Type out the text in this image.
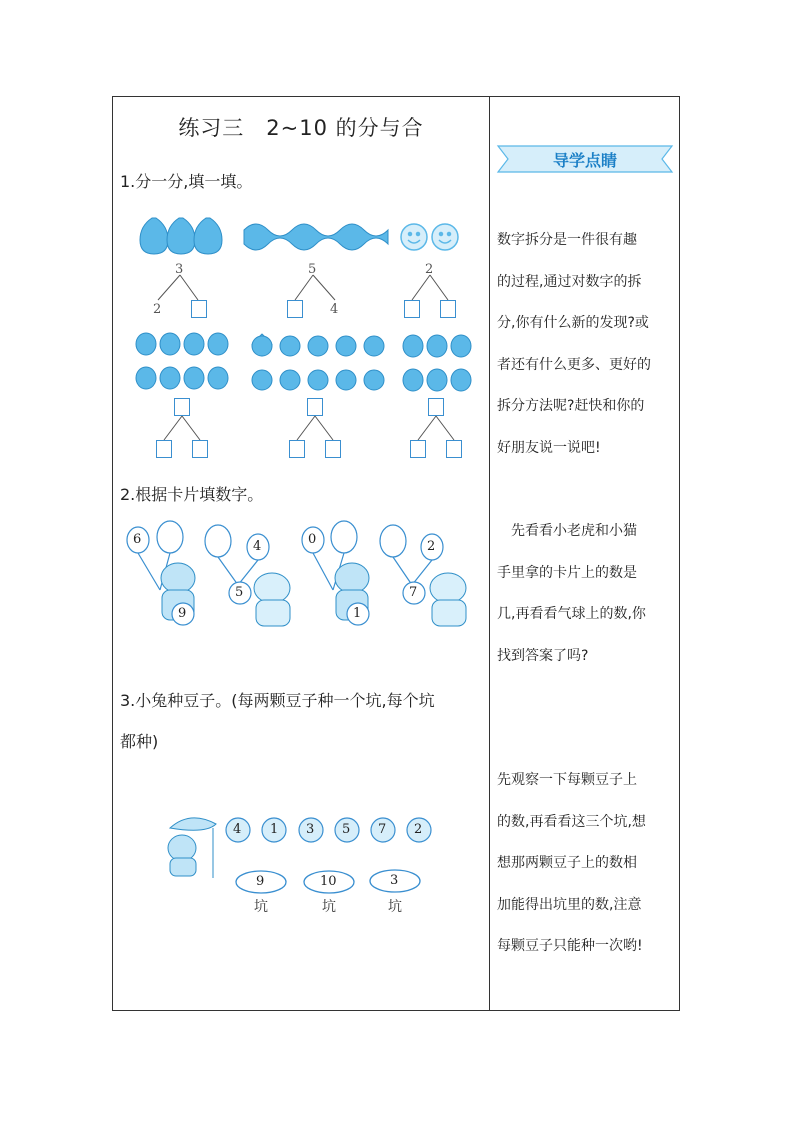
练习三　2~10 的分与合
1.分一分,填一填。
3	5	2
2	4
2.根据卡片填数字。
6	4	0	2
9
5
1
7
3.小兔种豆子。(每两颗豆子种一个坑,每个坑
都种)
4 1 3 5 7 2
9	10	3
坑	坑	坑
导学点睛
数字拆分是一件很有趣
的过程,通过对数字的拆
分,你有什么新的发现?或
者还有什么更多、更好的
拆分方法呢?赶快和你的
好朋友说一说吧!
　先看看小老虎和小猫
手里拿的卡片上的数是
几,再看看气球上的数,你
找到答案了吗?
先观察一下每颗豆子上
的数,再看看这三个坑,想
想那两颗豆子上的数相
加能得出坑里的数,注意
每颗豆子只能种一次哟!
